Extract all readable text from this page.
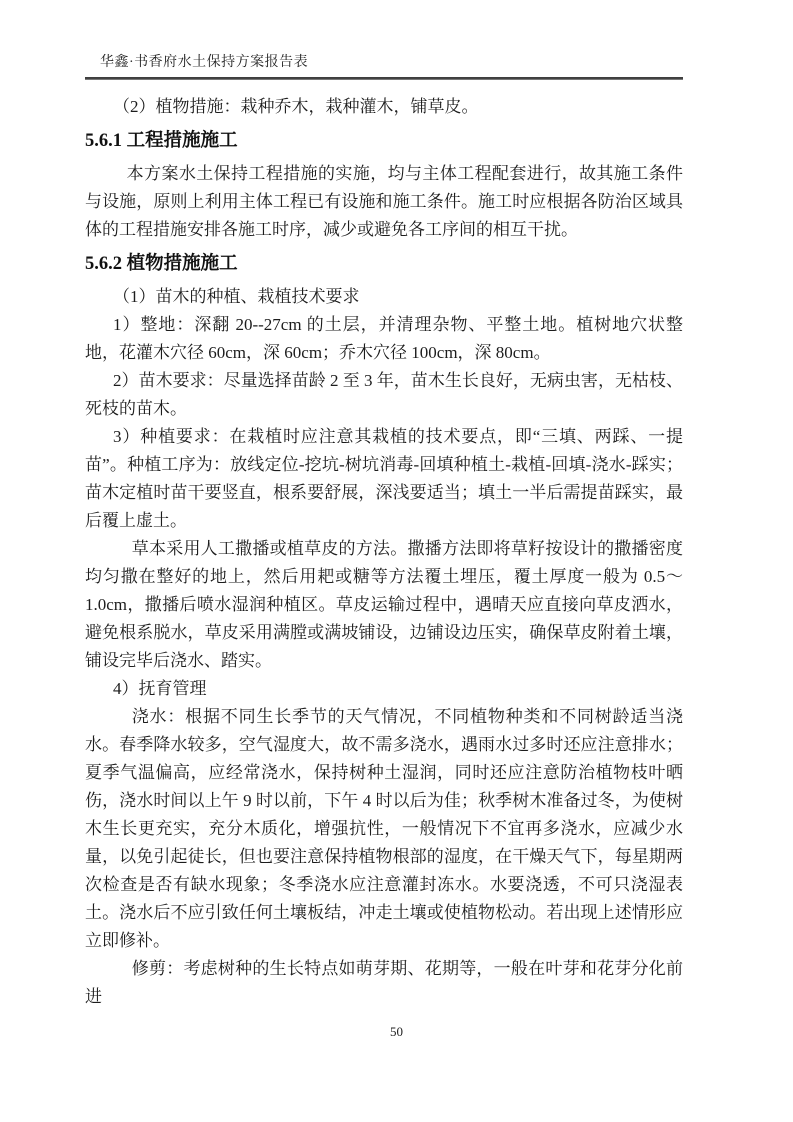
华鑫·书香府水土保持方案报告表

（2）植物措施：栽种乔木，栽种灌木，铺草皮。

5.6.1 工程措施施工

本方案水土保持工程措施的实施，均与主体工程配套进行，故其施工条件与设施，原则上利用主体工程已有设施和施工条件。施工时应根据各防治区域具体的工程措施安排各施工时序，减少或避免各工序间的相互干扰。

5.6.2 植物措施施工

（1）苗木的种植、栽植技术要求

1）整地：深翻 20--27cm 的土层，并清理杂物、平整土地。植树地穴状整地，花灌木穴径 60cm，深 60cm；乔木穴径 100cm，深 80cm。

2）苗木要求：尽量选择苗龄 2 至 3 年，苗木生长良好，无病虫害，无枯枝、死枝的苗木。

3）种植要求：在栽植时应注意其栽植的技术要点，即“三填、两踩、一提苗”。种植工序为：放线定位-挖坑-树坑消毒-回填种植土-栽植-回填-浇水-踩实；苗木定植时苗干要竖直，根系要舒展，深浅要适当；填土一半后需提苗踩实，最后覆上虚土。

草本采用人工撒播或植草皮的方法。撒播方法即将草籽按设计的撒播密度均匀撒在整好的地上，然后用耙或糖等方法覆土埋压，覆土厚度一般为 0.5～1.0cm，撒播后喷水湿润种植区。草皮运输过程中，遇晴天应直接向草皮洒水，避免根系脱水，草皮采用满膛或满坡铺设，边铺设边压实，确保草皮附着土壤，铺设完毕后浇水、踏实。

4）抚育管理

浇水：根据不同生长季节的天气情况，不同植物种类和不同树龄适当浇水。春季降水较多，空气湿度大，故不需多浇水，遇雨水过多时还应注意排水；夏季气温偏高，应经常浇水，保持树种土湿润，同时还应注意防治植物枝叶晒伤，浇水时间以上午 9 时以前，下午 4 时以后为佳；秋季树木准备过冬，为使树木生长更充实，充分木质化，增强抗性，一般情况下不宜再多浇水，应减少水量，以免引起徒长，但也要注意保持植物根部的湿度，在干燥天气下，每星期两次检查是否有缺水现象；冬季浇水应注意灌封冻水。水要浇透，不可只浇湿表土。浇水后不应引致任何土壤板结，冲走土壤或使植物松动。若出现上述情形应立即修补。

修剪：考虑树种的生长特点如萌芽期、花期等，一般在叶芽和花芽分化前进

50
